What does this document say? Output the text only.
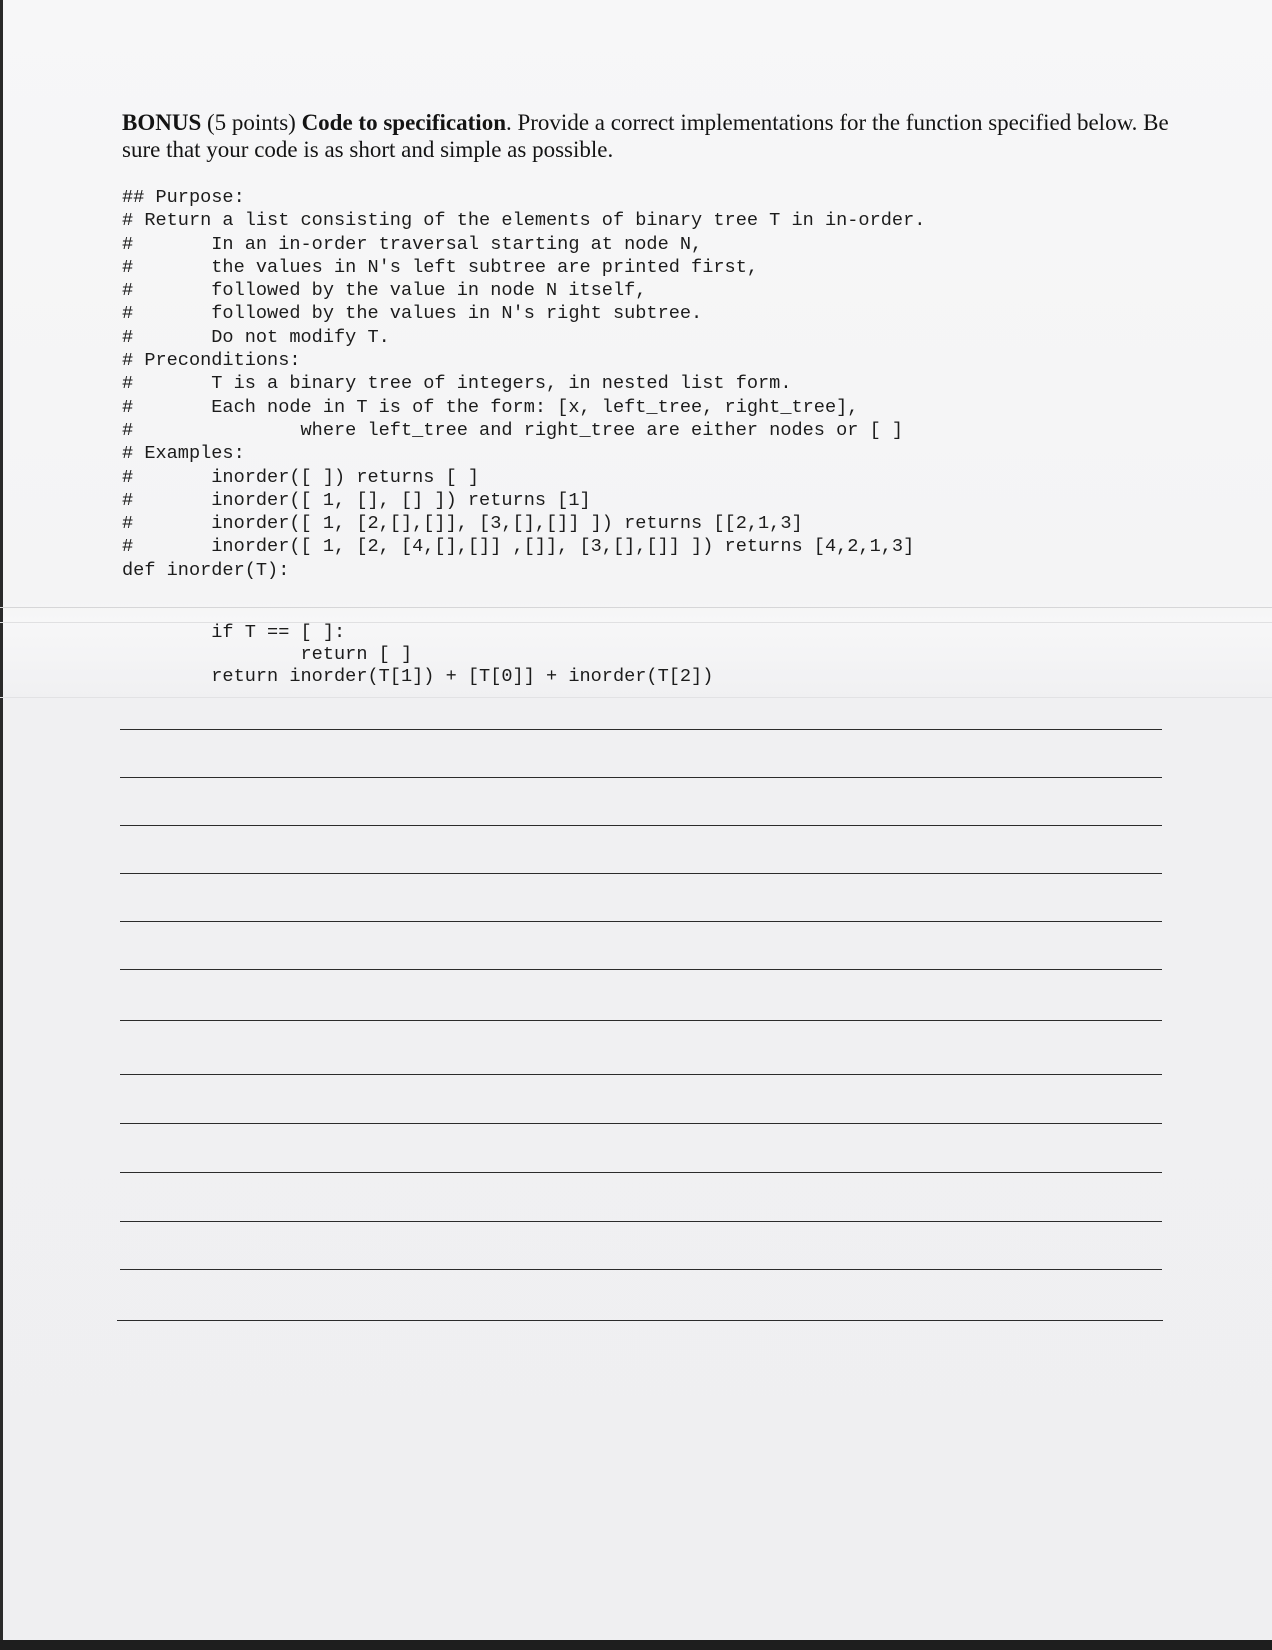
BONUS (5 points) Code to specification. Provide a correct implementations for the function specified below. Be sure that your code is as short and simple as possible.
## Purpose:
# Return a list consisting of the elements of binary tree T in in-order.
#       In an in-order traversal starting at node N,
#       the values in N's left subtree are printed first,
#       followed by the value in node N itself,
#       followed by the values in N's right subtree.
#       Do not modify T.
# Preconditions:
#       T is a binary tree of integers, in nested list form.
#       Each node in T is of the form: [x, left_tree, right_tree],
#               where left_tree and right_tree are either nodes or [ ]
# Examples:
#       inorder([ ]) returns [ ]
#       inorder([ 1, [], [] ]) returns [1]
#       inorder([ 1, [2,[],[]], [3,[],[]] ]) returns [[2,1,3]
#       inorder([ 1, [2, [4,[],[]] ,[]], [3,[],[]] ]) returns [4,2,1,3]
def inorder(T):
if T == [ ]:
return [ ]
return inorder(T[1]) + [T[0]] + inorder(T[2])
